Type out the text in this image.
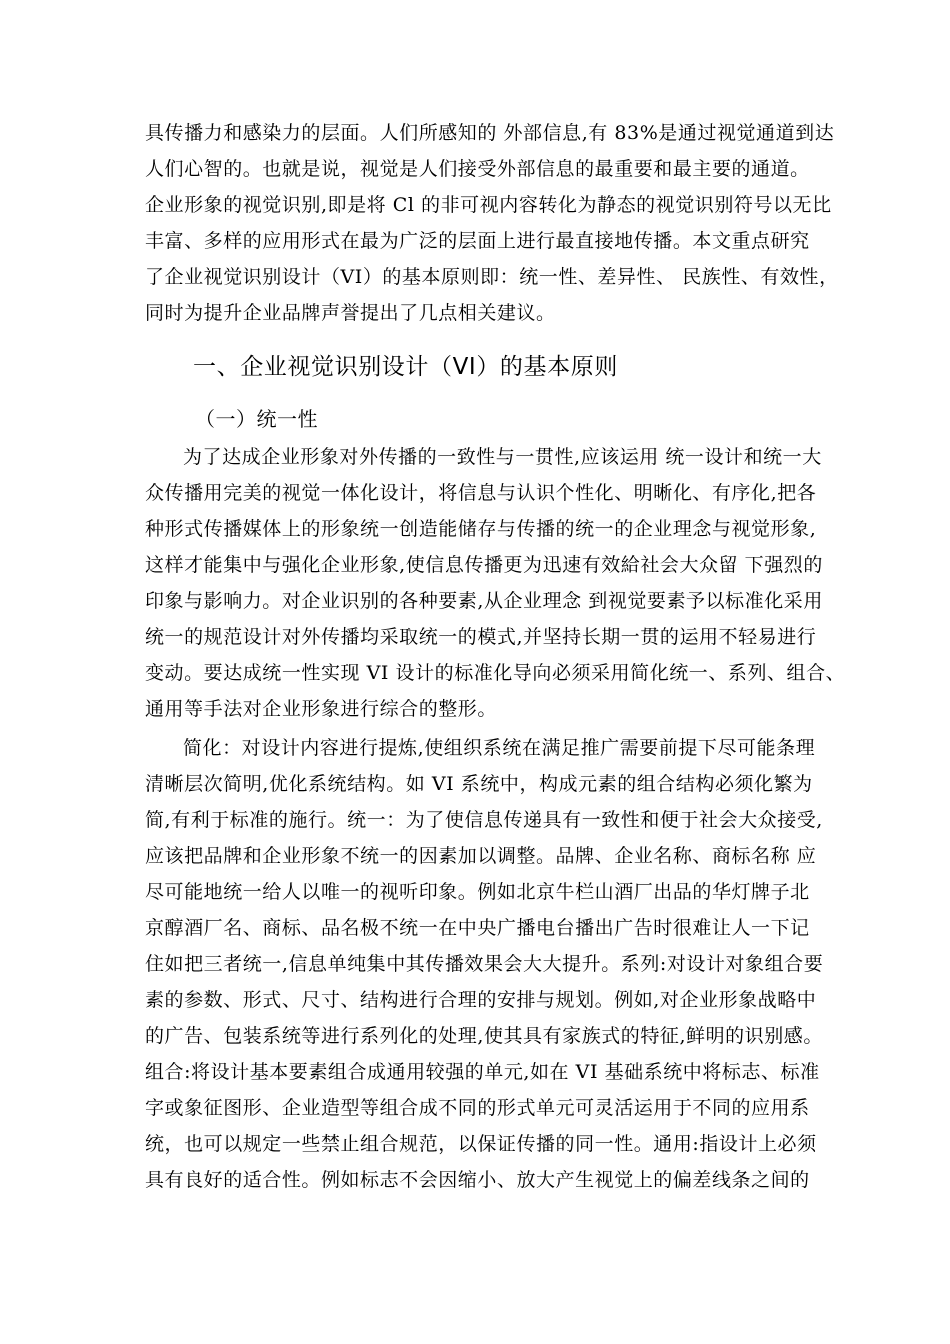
具传播力和感染力的层面。人们所感知的 外部信息,有 83%是通过视觉通道到达
人们心智的。也就是说，视觉是人们接受外部信息的最重要和最主要的通道。
企业形象的视觉识别,即是将 Cl 的非可视内容转化为静态的视觉识别符号以无比
丰富、多样的应用形式在最为广泛的层面上进行最直接地传播。本文重点研究
了企业视觉识别设计（VI）的基本原则即：统一性、差异性、 民族性、有效性，
同时为提升企业品牌声誉提出了几点相关建议。
一、企业视觉识别设计（VI）的基本原则
（一）统一性
为了达成企业形象对外传播的一致性与一贯性,应该运用 统一设计和统一大
众传播用完美的视觉一体化设计，将信息与认识个性化、明晰化、有序化,把各
种形式传播媒体上的形象统一创造能储存与传播的统一的企业理念与视觉形象,
这样才能集中与强化企业形象,使信息传播更为迅速有效給社会大众留 下强烈的
印象与影响力。对企业识别的各种要素,从企业理念 到视觉要素予以标准化采用
统一的规范设计对外传播均采取统一的模式,并坚持长期一贯的运用不轻易进行
变动。要达成统一性实现 VI 设计的标准化导向必须采用简化统一、系列、组合、
通用等手法对企业形象进行综合的整形。
简化：对设计内容进行提炼,使组织系统在满足推广需要前提下尽可能条理
清晰层次简明,优化系统结构。如 VI 系统中，构成元素的组合结构必须化繁为
简,有利于标准的施行。统一：为了使信息传递具有一致性和便于社会大众接受,
应该把品牌和企业形象不统一的因素加以调整。品牌、企业名称、商标名称 应
尽可能地统一给人以唯一的视听印象。例如北京牛栏山酒厂出品的华灯牌子北
京醇酒厂名、商标、品名极不统一在中央广播电台播出广告时很难让人一下记
住如把三者统一,信息单纯集中其传播效果会大大提升。系列:对设计对象组合要
素的参数、形式、尺寸、结构进行合理的安排与规划。例如,对企业形象战略中
的广告、包装系统等进行系列化的处理,使其具有家族式的特征,鲜明的识别感。
组合:将设计基本要素组合成通用较强的单元,如在 VI 基础系统中将标志、标准
字或象征图形、企业造型等组合成不同的形式单元可灵活运用于不同的应用系
统，也可以规定一些禁止组合规范，以保证传播的同一性。通用:指设计上必须
具有良好的适合性。例如标志不会因缩小、放大产生视觉上的偏差线条之间的
